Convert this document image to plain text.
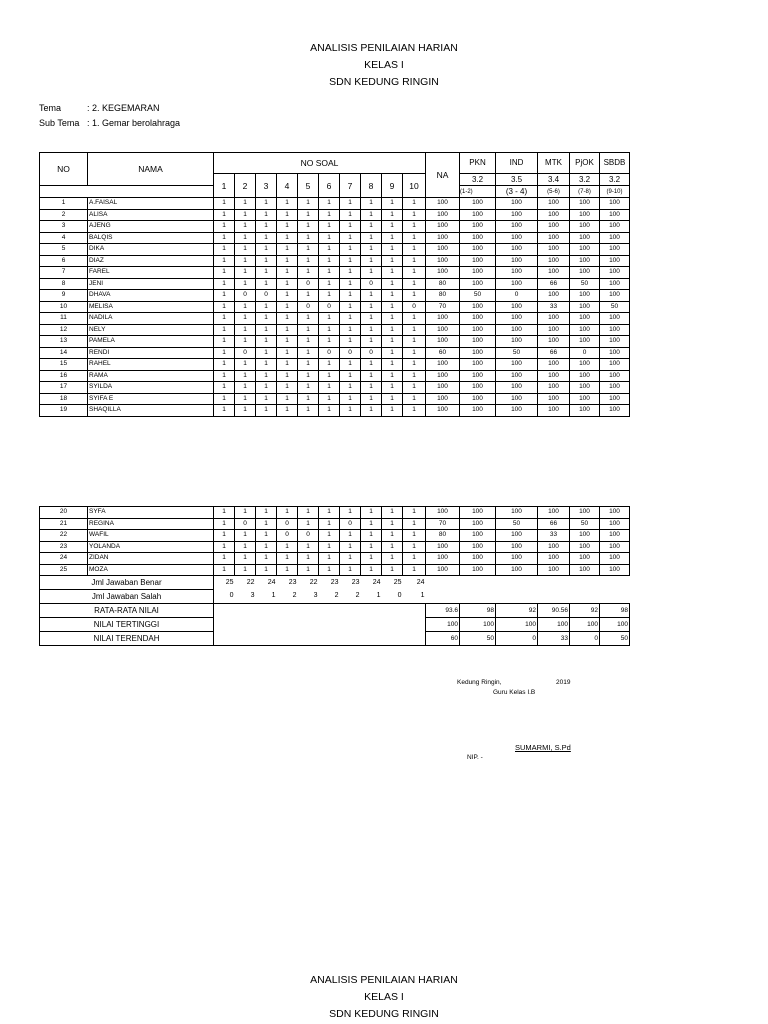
ANALISIS PENILAIAN HARIAN
KELAS I
SDN KEDUNG RINGIN
Tema	: 2. KEGEMARAN
Sub Tema : 1. Gemar berolahraga
NO	NAMA	NO SOAL										NA	PKN	IND	MTK	PjOK	SBDB
		1	2	3	4	5	6	7	8	9	10		3.2	3.5	3.4	3.2	3.2
													(1-2)	(3 - 4)	(5-6)	(7-8)	(9-10)
1	A.FAISAL	1	1	1	1	1	1	1	1	1	1	100	100	100	100	100	100
2	ALISA	1	1	1	1	1	1	1	1	1	1	100	100	100	100	100	100
3	AJENG	1	1	1	1	1	1	1	1	1	1	100	100	100	100	100	100
4	BALQIS	1	1	1	1	1	1	1	1	1	1	100	100	100	100	100	100
5	DIKA	1	1	1	1	1	1	1	1	1	1	100	100	100	100	100	100
6	DIAZ	1	1	1	1	1	1	1	1	1	1	100	100	100	100	100	100
7	FAREL	1	1	1	1	1	1	1	1	1	1	100	100	100	100	100	100
8	JENI	1	1	1	1	0	1	1	0	1	1	80	100	100	66	50	100
9	DHAVA	1	0	0	1	1	1	1	1	1	1	80	50	0	100	100	100
10	MELISA	1	1	1	1	0	0	1	1	1	0	70	100	100	33	100	50
11	NADILA	1	1	1	1	1	1	1	1	1	1	100	100	100	100	100	100
12	NELY	1	1	1	1	1	1	1	1	1	1	100	100	100	100	100	100
13	PAMELA	1	1	1	1	1	1	1	1	1	1	100	100	100	100	100	100
14	RENDI	1	0	1	1	1	0	0	0	1	1	60	100	50	66	0	100
15	RAHEL	1	1	1	1	1	1	1	1	1	1	100	100	100	100	100	100
16	RAMA	1	1	1	1	1	1	1	1	1	1	100	100	100	100	100	100
17	SYILDA	1	1	1	1	1	1	1	1	1	1	100	100	100	100	100	100
18	SYIFA E	1	1	1	1	1	1	1	1	1	1	100	100	100	100	100	100
19	SHAQILLA	1	1	1	1	1	1	1	1	1	1	100	100	100	100	100	100
20	SYFA	1	1	1	1	1	1	1	1	1	1	100	100	100	100	100	100
21	REGINA	1	0	1	0	1	1	0	1	1	1	70	100	50	66	50	100
22	WAFIL	1	1	1	0	0	1	1	1	1	1	80	100	100	33	100	100
23	YOLANDA	1	1	1	1	1	1	1	1	1	1	100	100	100	100	100	100
24	ZIDAN	1	1	1	1	1	1	1	1	1	1	100	100	100	100	100	100
25	MOZA	1	1	1	1	1	1	1	1	1	1	100	100	100	100	100	100
Jml Jawaban Benar		25	22	24	23	22	23	23	24	25	24						
Jml Jawaban Salah		0	3	1	2	3	2	2	1	0	1						
RATA-RATA NILAI												93.6	98	92	90.56	92	98
NILAI TERTINGGI												100	100	100	100	100	100
NILAI TERENDAH												60	50	0	33	0	50
Kedung Ringin,	2019
Guru Kelas I.B
SUMARMI, S.Pd
NIP. -
ANALISIS PENILAIAN HARIAN
KELAS I
SDN KEDUNG RINGIN
